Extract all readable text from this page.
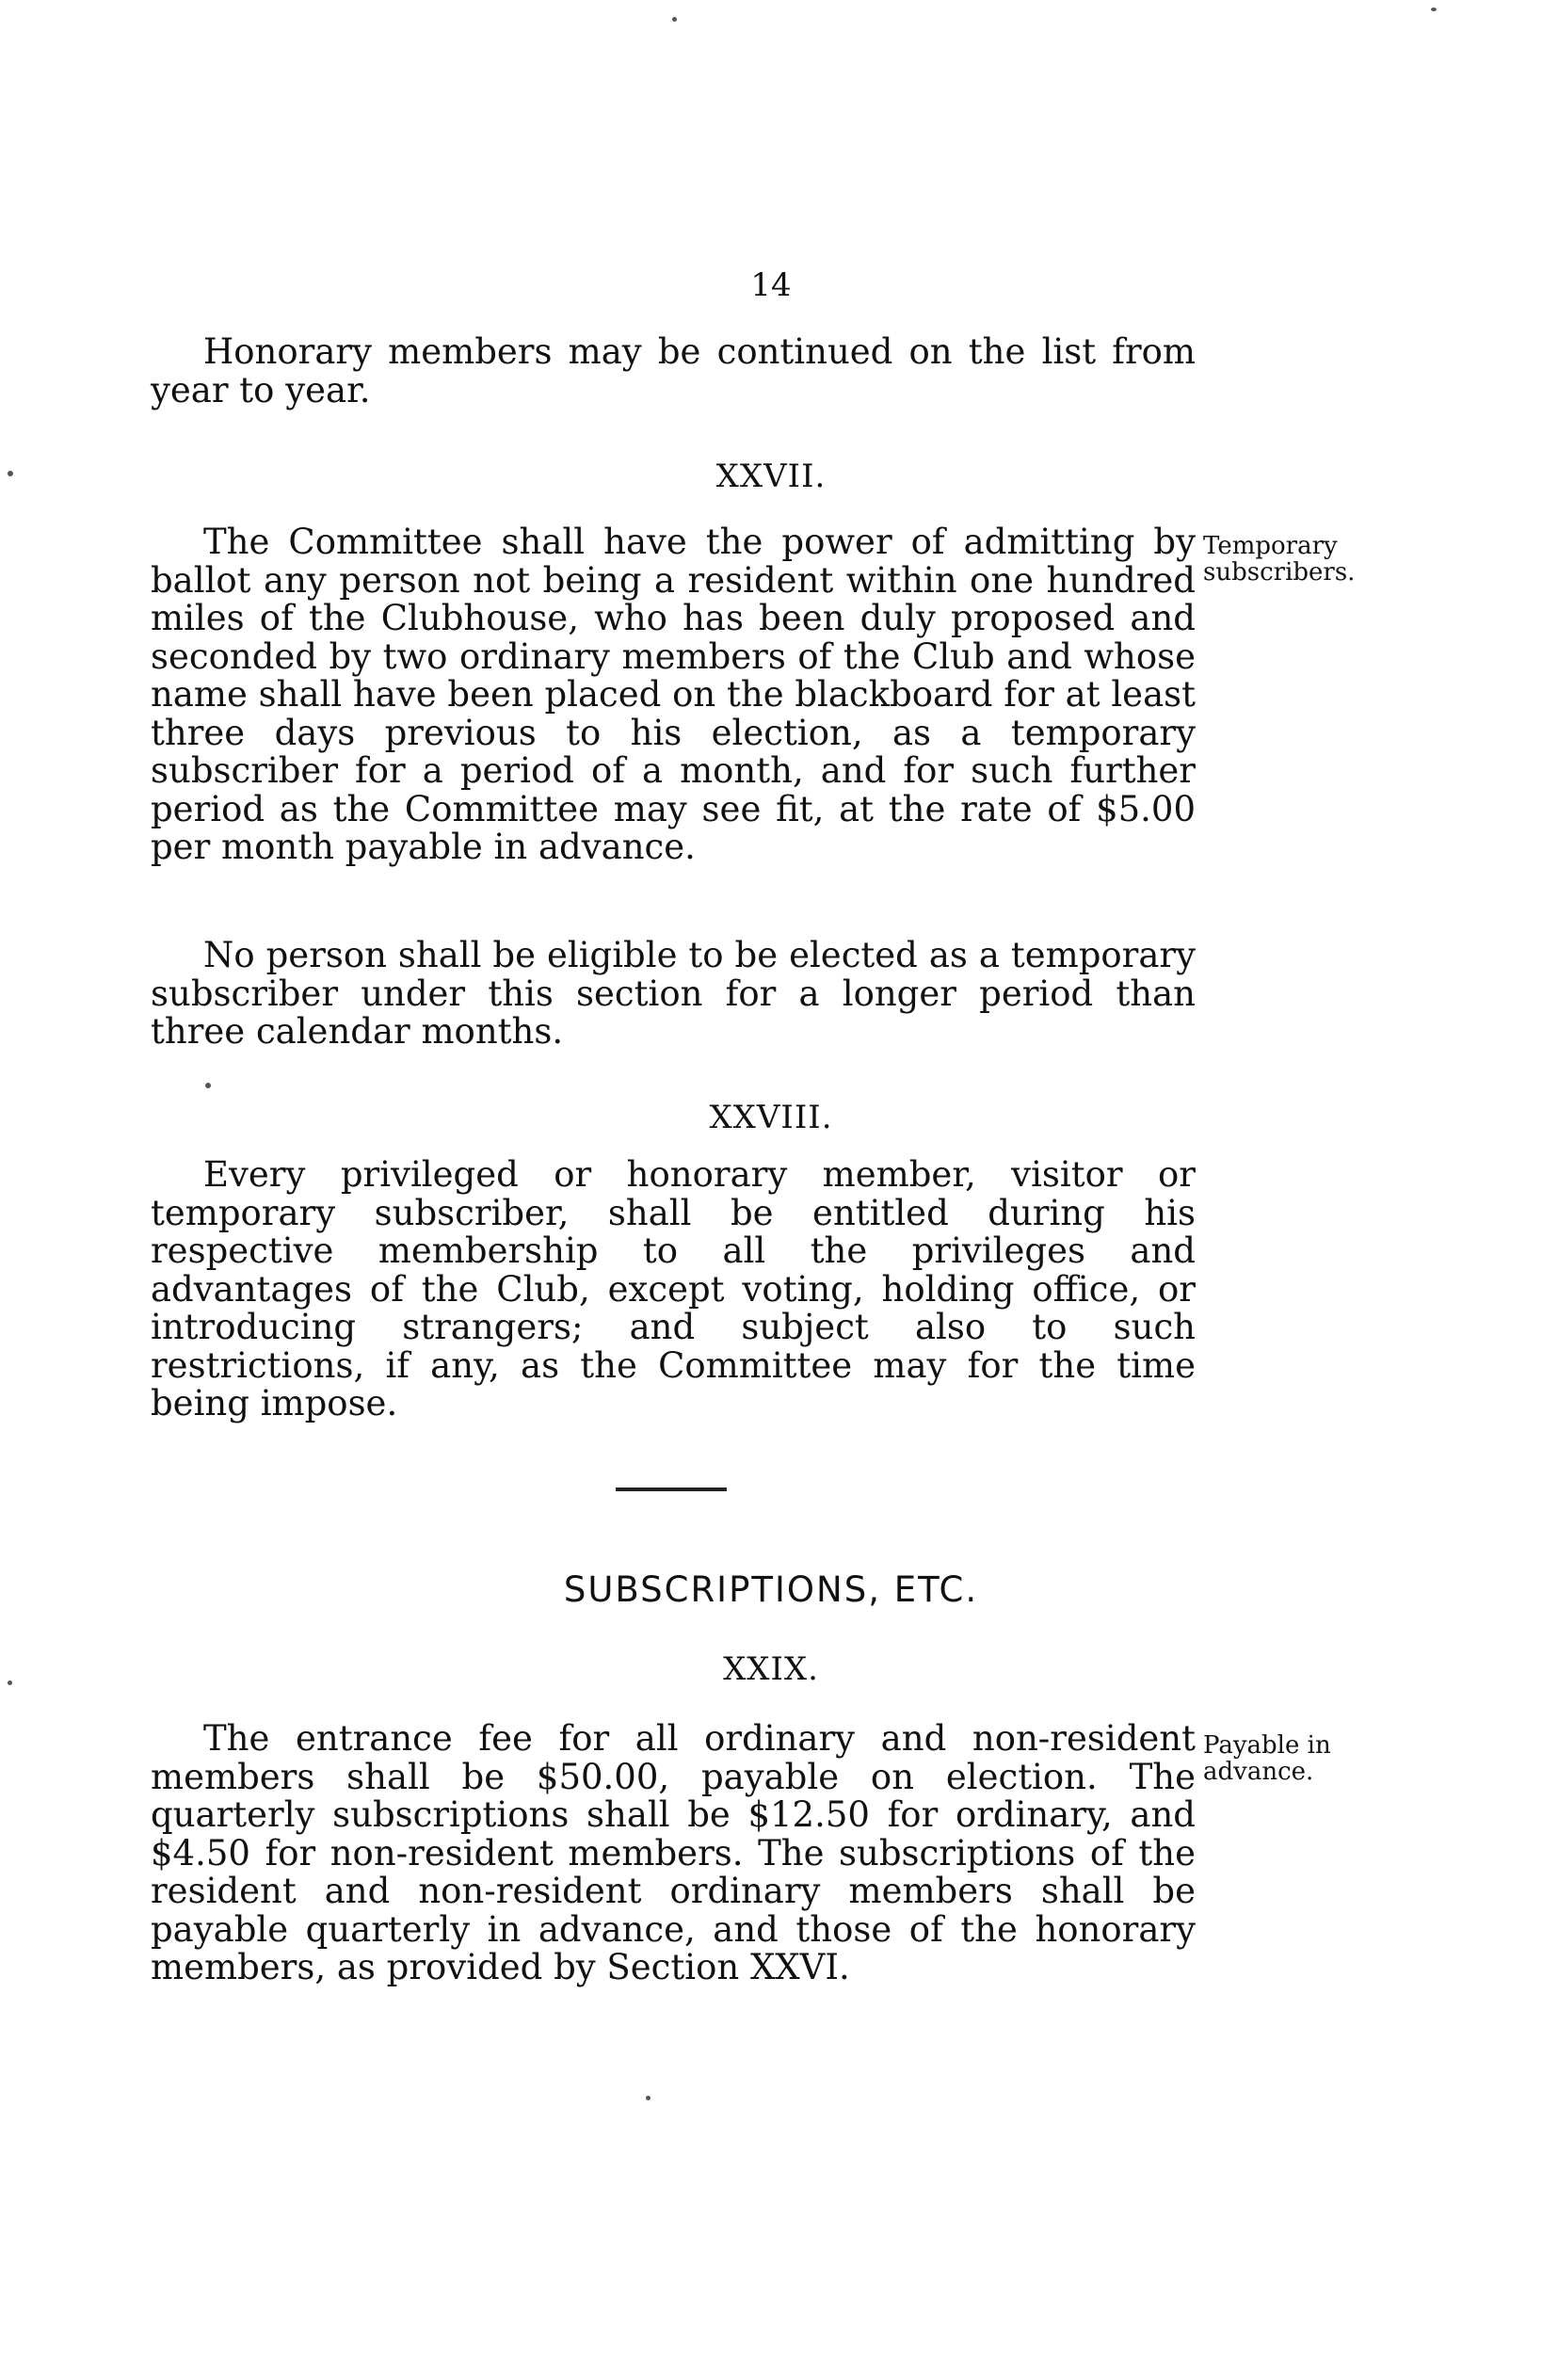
14

Honorary members may be continued on the list from year to year.

XXVII.

The Committee shall have the power of admitting by ballot any person not being a resident within one hundred miles of the Clubhouse, who has been duly proposed and seconded by two ordinary members of the Club and whose name shall have been placed on the blackboard for at least three days previous to his election, as a temporary subscriber for a period of a month, and for such further period as the Committee may see fit, at the rate of $5.00 per month payable in advance.

Temporary
subscribers.

No person shall be eligible to be elected as a temporary subscriber under this section for a longer period than three calendar months.

XXVIII.

Every privileged or honorary member, visitor or temporary subscriber, shall be entitled during his respective membership to all the privileges and advantages of the Club, except voting, holding office, or introducing strangers; and subject also to such restrictions, if any, as the Committee may for the time being impose.

SUBSCRIPTIONS, ETC.
XXIX.

The entrance fee for all ordinary and non-resident members shall be $50.00, payable on election. The quarterly subscriptions shall be $12.50 for ordinary, and $4.50 for non-resident members. The subscriptions of the resident and non-resident ordinary members shall be payable quarterly in advance, and those of the honorary members, as provided by Section XXVI.

Payable in
advance.
